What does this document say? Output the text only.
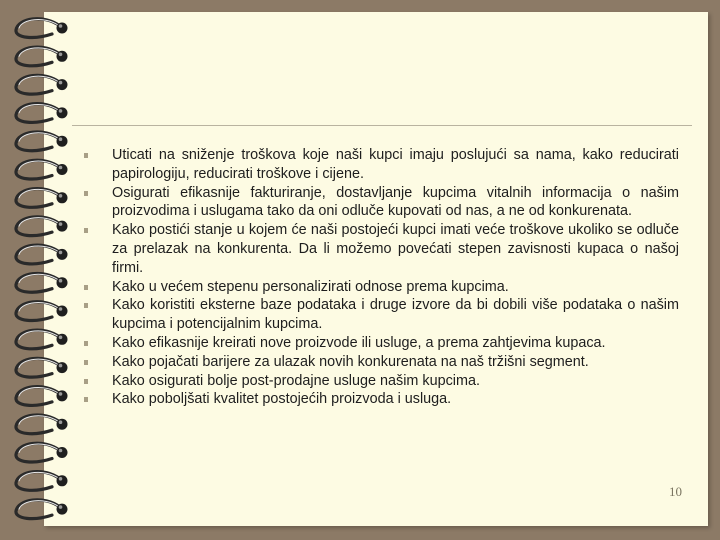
Uticati na sniženje troškova koje naši kupci imaju poslujući sa nama, kako reducirati papirologiju, reducirati troškove i cijene.
Osigurati efikasnije fakturiranje, dostavljanje kupcima vitalnih informacija o našim proizvodima i uslugama tako da oni odluče kupovati od nas, a ne od konkurenata.
Kako postići stanje u kojem će naši postojeći kupci imati veće troškove ukoliko se odluče za prelazak na konkurenta. Da li možemo povećati stepen zavisnosti kupaca o našoj firmi.
Kako u većem stepenu personalizirati odnose prema kupcima.
Kako koristiti eksterne baze podataka i druge izvore da bi dobili više podataka o našim kupcima i potencijalnim kupcima.
Kako efikasnije kreirati nove proizvode ili usluge, a prema zahtjevima kupaca.
Kako pojačati barijere za ulazak novih konkurenata na naš tržišni segment.
Kako osigurati bolje post-prodajne usluge našim kupcima.
Kako poboljšati kvalitet postojećih proizvoda i usluga.
10
